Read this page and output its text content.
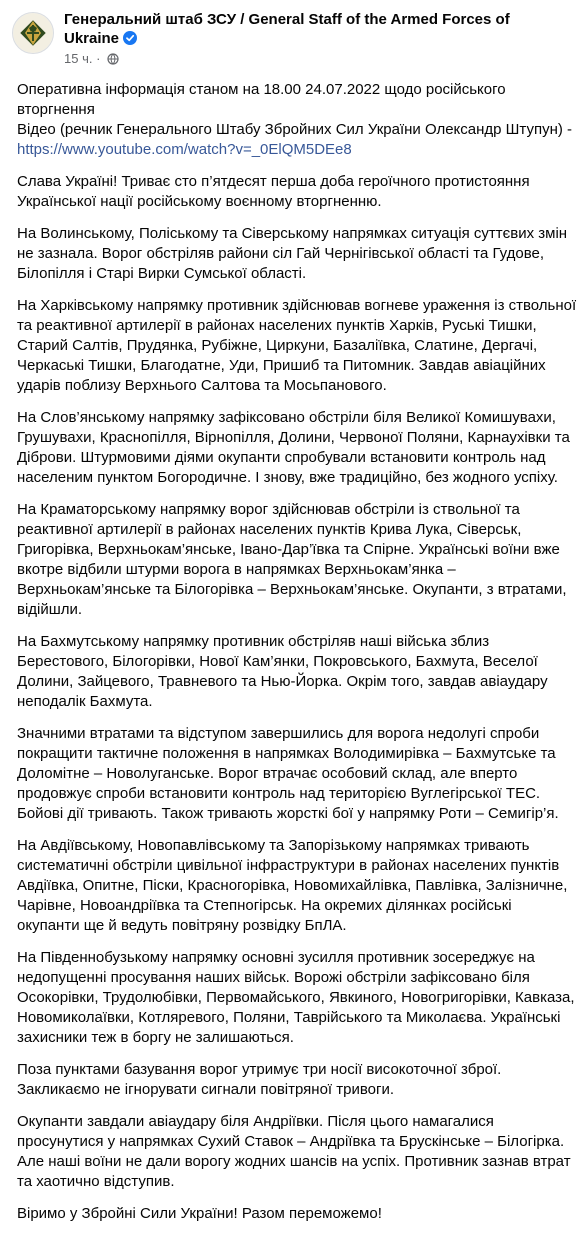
Генеральний штаб ЗСУ / General Staff of the Armed Forces of Ukraine
15 ч. ·

Оперативна інформація станом на 18.00 24.07.2022 щодо російського вторгнення
Відео (речник Генерального Штабу Збройних Сил України Олександр Штупун) -
https://www.youtube.com/watch?v=_0ElQM5DEe8

Слава Україні! Триває сто п’ятдесят перша доба героїчного протистояння Української нації російському воєнному вторгненню.

На Волинському, Поліському та Сіверському напрямках ситуація суттєвих змін не зазнала. Ворог обстріляв райони сіл Гай Чернігівської області та Гудове, Білопілля і Старі Вирки Сумської області.

На Харківському напрямку противник здійснював вогневе ураження із ствольної та реактивної артилерії в районах населених пунктів Харків, Руські Тишки, Старий Салтів, Прудянка, Рубіжне, Циркуни, Базаліївка, Слатине, Дергачі, Черкаські Тишки, Благодатне, Уди, Пришиб та Питомник. Завдав авіаційних ударів поблизу Верхнього Салтова та Мосьпанового.

На Слов’янському напрямку зафіксовано обстріли біля Великої Комишувахи, Грушувахи, Краснопілля, Вірнопілля, Долини, Червоної Поляни, Карнаухівки та Діброви. Штурмовими діями окупанти спробували встановити контроль над населеним пунктом Богородичне. І знову, вже традиційно, без жодного успіху.

На Краматорському напрямку ворог здійснював обстріли із ствольної та реактивної артилерії в районах населених пунктів Крива Лука, Сіверськ, Григорівка, Верхньокам’янське, Івано-Дар’ївка та Спірне. Українські воїни вже вкотре відбили штурми ворога в напрямках Верхньокам’янка – Верхньокам’янське та Білогорівка – Верхньокам’янське. Окупанти, з втратами, відійшли.

На Бахмутському напрямку противник обстріляв наші війська зблиз Берестового, Білогорівки, Нової Кам’янки, Покровського, Бахмута, Веселої Долини, Зайцевого, Травневого та Нью-Йорка. Окрім того, завдав авіаудару неподалік Бахмута.

Значними втратами та відступом завершились для ворога недолугі спроби покращити тактичне положення в напрямках Володимирівка – Бахмутське та Доломітне – Новолуганське. Ворог втрачає особовий склад, але вперто продовжує спроби встановити контроль над територією Вуглегірської ТЕС. Бойові дії тривають. Також тривають жорсткі бої у напрямку Роти – Семигір’я.

На Авдіївському, Новопавлівському та Запорізькому напрямках тривають систематичні обстріли цивільної інфраструктури в районах населених пунктів Авдіївка, Опитне, Піски, Красногорівка, Новомихайлівка, Павлівка, Залізничне, Чарівне, Новоандріївка та Степногірськ. На окремих ділянках російські окупанти ще й ведуть повітряну розвідку БпЛА.

На Південнобузькому напрямку основні зусилля противник зосереджує на недопущенні просування наших військ. Ворожі обстріли зафіксовано біля Осокорівки, Трудолюбівки, Первомайського, Явкиного, Новогригорівки, Кавказа, Новомиколаївки, Котляревого, Поляни, Таврійського та Миколаєва. Українські захисники теж в боргу не залишаються.

Поза пунктами базування ворог утримує три носії високоточної зброї. Закликаємо не ігнорувати сигнали повітряної тривоги.

Окупанти завдали авіаудару біля Андріївки. Після цього намагалися просунутися у напрямках Сухий Ставок – Андріївка та Брускінське – Білогірка. Але наші воїни не дали ворогу жодних шансів на успіх. Противник зазнав втрат та хаотично відступив.

Віримо у Збройні Сили України! Разом переможемо!
